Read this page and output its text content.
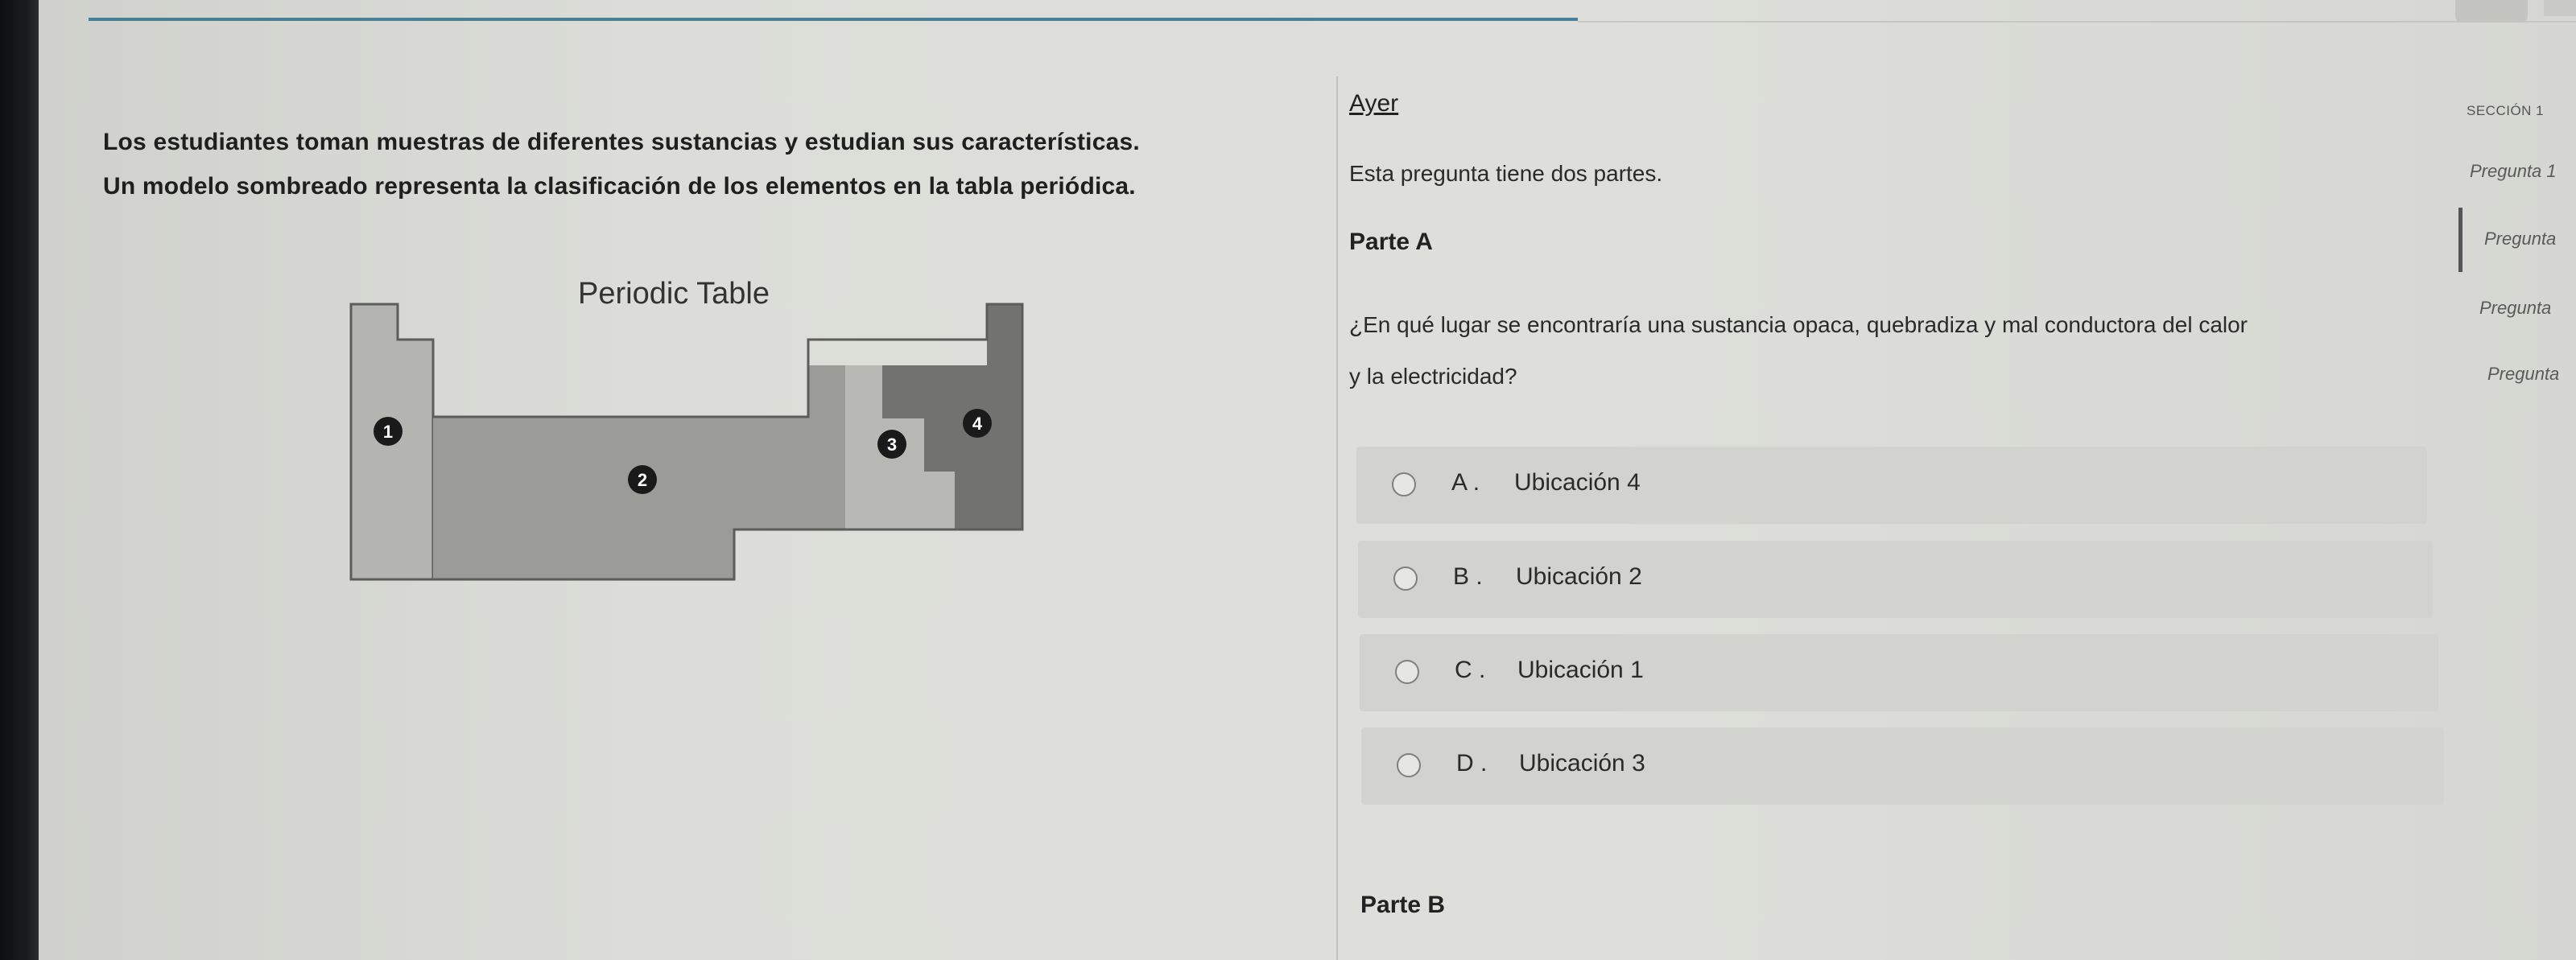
Los estudiantes toman muestras de diferentes sustancias y estudian sus características.
Un modelo sombreado representa la clasificación de los elementos en la tabla periódica.
Periodic Table
1
2
3
4
Ayer
Esta pregunta tiene dos partes.
Parte A
¿En qué lugar se encontraría una sustancia opaca, quebradiza y mal conductora del calor
y la electricidad?
A . Ubicación 4
B . Ubicación 2
C . Ubicación 1
D . Ubicación 3
Parte B
SECCIÓN 1
Pregunta 1
Pregunta
Pregunta
Pregunta
